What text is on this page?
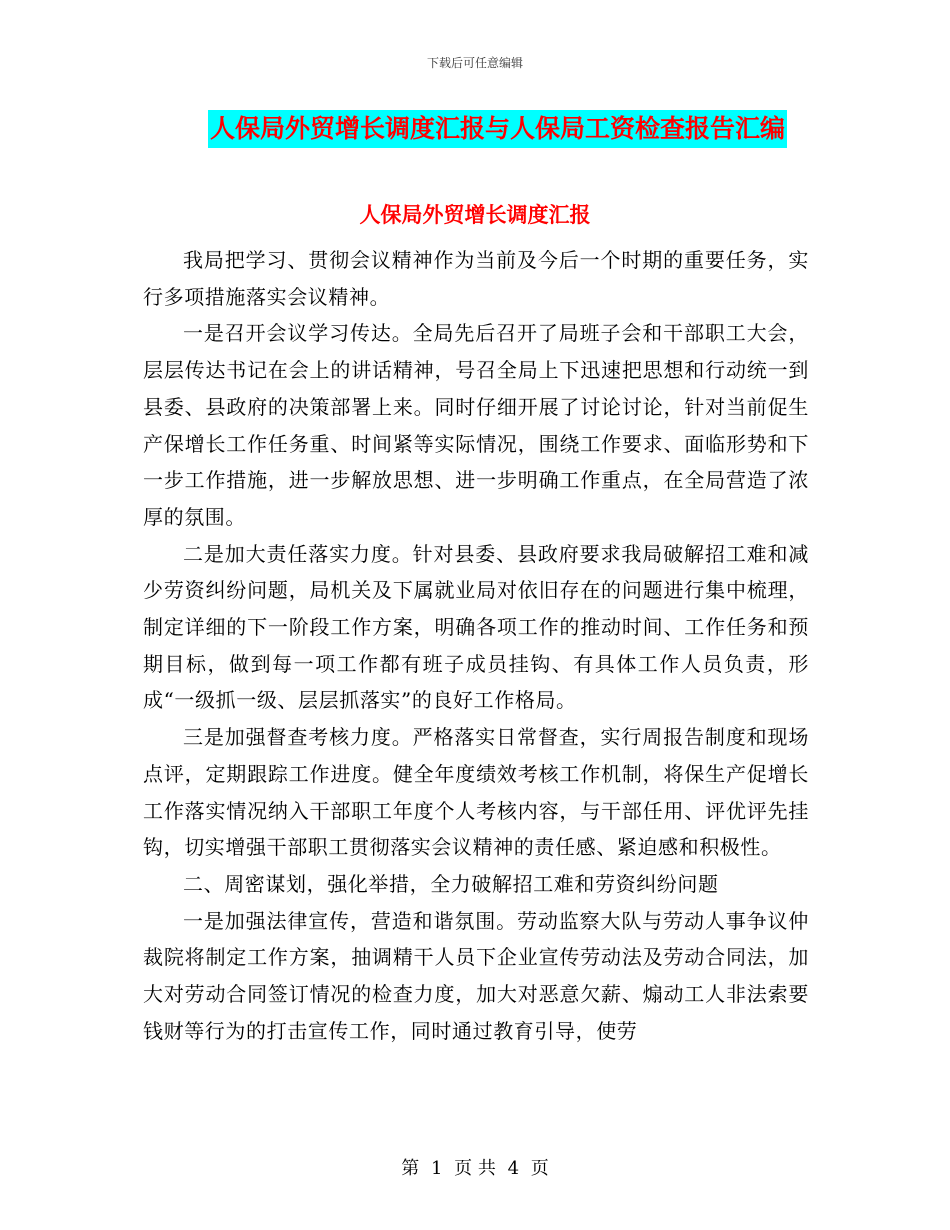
下载后可任意编辑
人保局外贸增长调度汇报与人保局工资检查报告汇编
人保局外贸增长调度汇报

我局把学习、贯彻会议精神作为当前及今后一个时期的重要任务，实行多项措施落实会议精神。

一是召开会议学习传达。全局先后召开了局班子会和干部职工大会，层层传达书记在会上的讲话精神，号召全局上下迅速把思想和行动统一到县委、县政府的决策部署上来。同时仔细开展了讨论讨论，针对当前促生产保增长工作任务重、时间紧等实际情况，围绕工作要求、面临形势和下一步工作措施，进一步解放思想、进一步明确工作重点，在全局营造了浓厚的氛围。

二是加大责任落实力度。针对县委、县政府要求我局破解招工难和减少劳资纠纷问题，局机关及下属就业局对依旧存在的问题进行集中梳理，制定详细的下一阶段工作方案，明确各项工作的推动时间、工作任务和预期目标，做到每一项工作都有班子成员挂钩、有具体工作人员负责，形成“一级抓一级、层层抓落实”的良好工作格局。

三是加强督查考核力度。严格落实日常督查，实行周报告制度和现场点评，定期跟踪工作进度。健全年度绩效考核工作机制，将保生产促增长工作落实情况纳入干部职工年度个人考核内容，与干部任用、评优评先挂钩，切实增强干部职工贯彻落实会议精神的责任感、紧迫感和积极性。

二、周密谋划，强化举措，全力破解招工难和劳资纠纷问题

一是加强法律宣传，营造和谐氛围。劳动监察大队与劳动人事争议仲裁院将制定工作方案，抽调精干人员下企业宣传劳动法及劳动合同法，加大对劳动合同签订情况的检查力度，加大对恶意欠薪、煽动工人非法索要钱财等行为的打击宣传工作，同时通过教育引导，使劳

第 1 页 共 4 页
